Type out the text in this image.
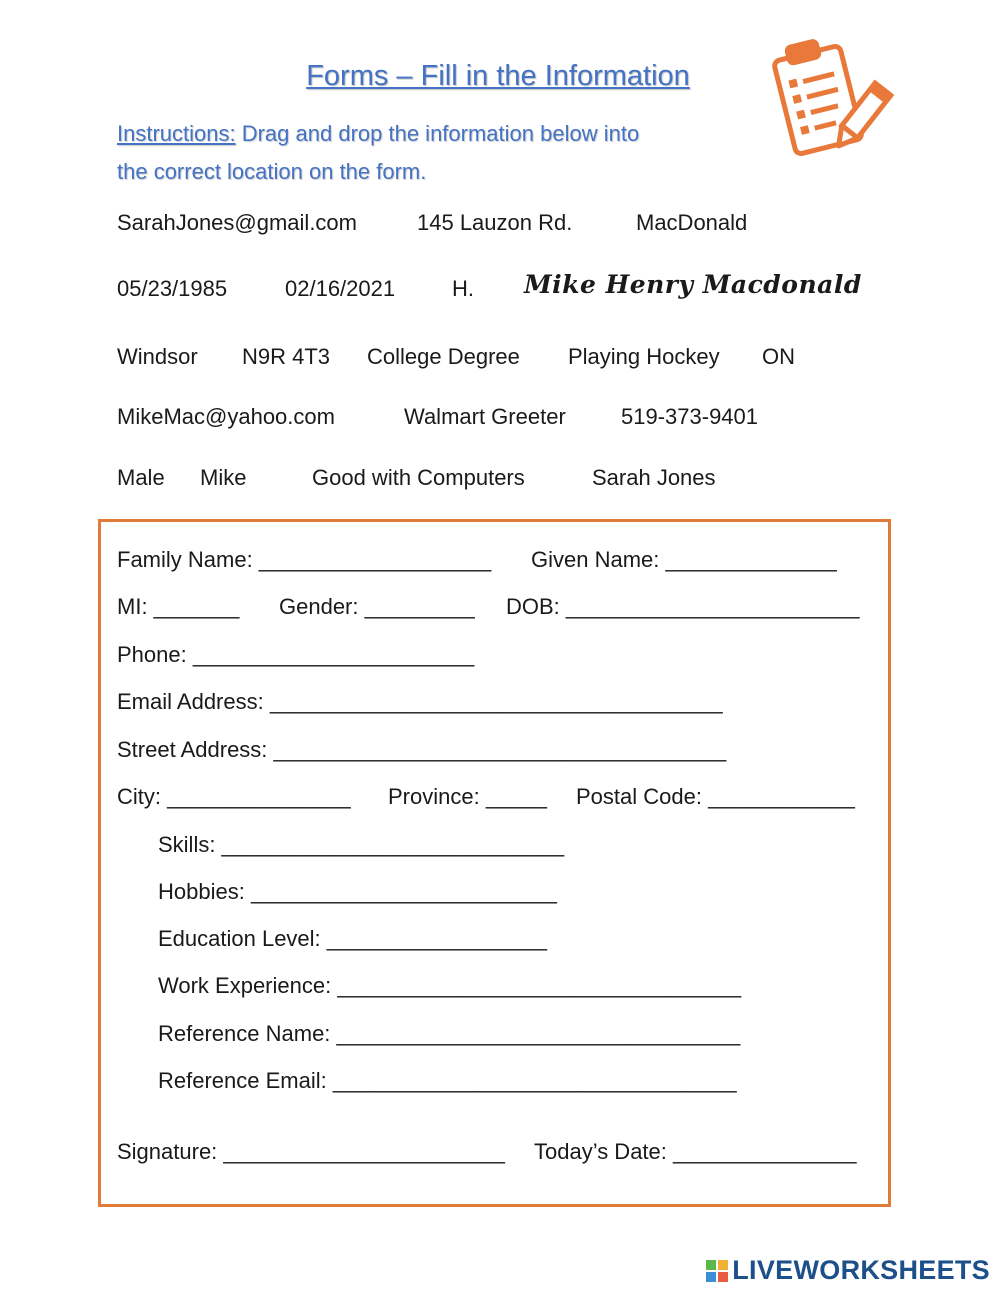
Forms – Fill in the Information
Instructions: Drag and drop the information below into
the correct location on the form.
SarahJones@gmail.com	145 Lauzon Rd.	MacDonald
05/23/1985	02/16/2021	H. Mike Henry Macdonald
Windsor N9R 4T3 College Degree Playing Hockey ON
MikeMac@yahoo.com	Walmart Greeter	519-373-9401
Male Mike	Good with Computers	Sarah Jones
Family Name: ___________________ Given Name: ______________
MI: _______ Gender: _________ DOB: ________________________
Phone: _______________________
Email Address: _____________________________________
Street Address: _____________________________________
City: _______________ Province: _____ Postal Code: ____________
Skills: ____________________________
Hobbies: _________________________
Education Level: __________________
Work Experience: _________________________________
Reference Name: _________________________________
Reference Email: _________________________________
Signature: _______________________ Today’s Date: _______________
LIVEWORKSHEETS
